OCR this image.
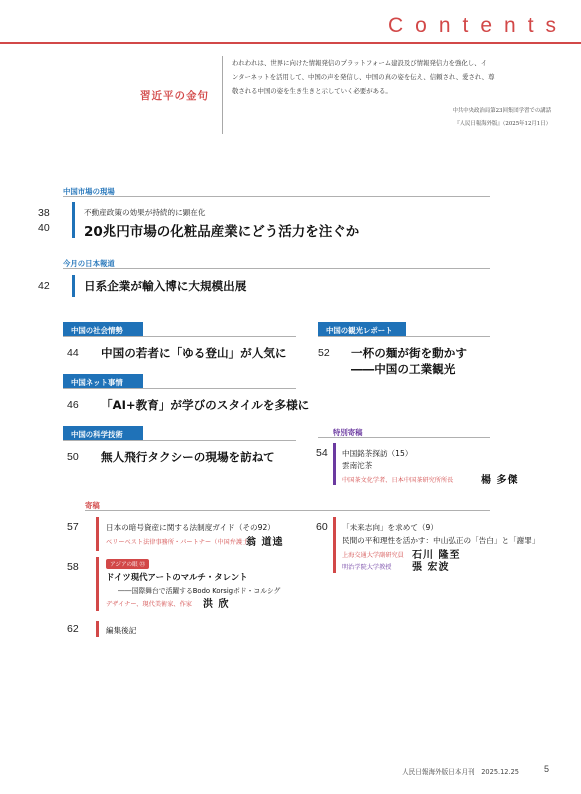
Contents
習近平の金句
われわれは、世界に向けた情報発信のプラットフォーム建設及び情報発信力を強化し、イ
ンターネットを活用して、中国の声を発信し、中国の真の姿を伝え、信頼され、愛され、尊
敬される中国の姿を生き生きと示していく必要がある。
中共中央政治局第23回集団学習での講話
『人民日報海外版』（2025年12月1日）
中国市場の現場
38
40
不動産政策の効果が持続的に顕在化
20兆円市場の化粧品産業にどう活力を注ぐか
今月の日本報道
42	日系企業が輸入博に大規模出展
中国の社会情勢
44 中国の若者に「ゆる登山」が人気に
中国の観光レポート
52 一杯の麺が街を動かす
――中国の工業観光
中国ネット事情
46 「AI+教育」が学びのスタイルを多様に
中国の科学技術
50 無人飛行タクシーの現場を訪ねて
特別寄稿
54 中国銘茶探訪（15）
雲南沱茶
中国茶文化学者、日本中国茶研究所所長	楊 多傑
寄稿
57	日本の暗号資産に関する法制度ガイド（その92）
ベリーベスト法律事務所・パートナー（中国弁護士）
翁 道逵
58	アジアの眼 ㉝
ドイツ現代アートのマルチ・タレント
――国際舞台で活躍するBodo Korsigボド・コルシグ
デザイナー、現代美術家、作家 洪 欣
62	編集後記
60 「未来志向」を求めて（9）
民間の平和理性を活かす：中山弘正の「告白」と「謝罪」
上海交通大学副研究員 石川 隆至
明治学院大学教授 張 宏波
人民日報海外版日本月刊　2025.12.25	5
